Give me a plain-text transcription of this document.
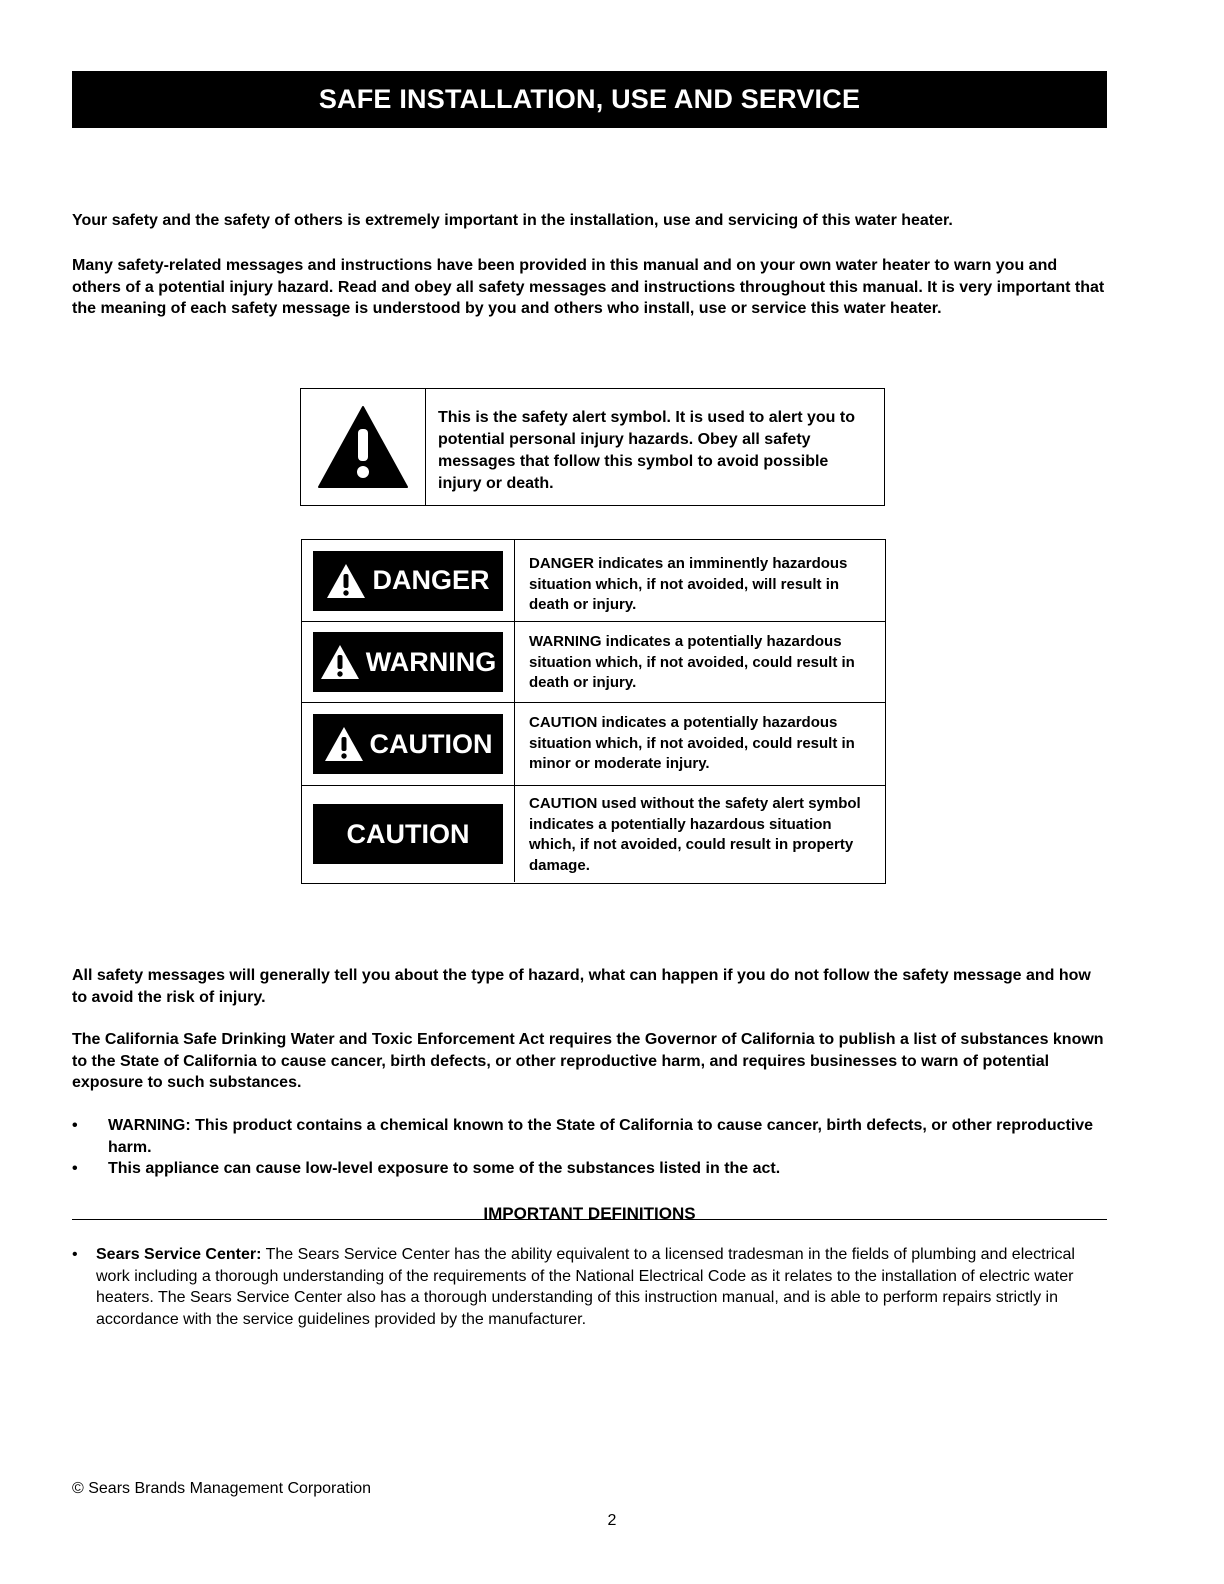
SAFE INSTALLATION, USE AND SERVICE

Your safety and the safety of others is extremely important in the installation, use and servicing of this water heater.

Many safety-related messages and instructions have been provided in this manual and on your own water heater to warn you and others of a potential injury hazard. Read and obey all safety messages and instructions throughout this manual. It is very important that the meaning of each safety message is understood by you and others who install, use or service this water heater.

This is the safety alert symbol. It is used to alert you to potential personal injury hazards. Obey all safety messages that follow this symbol to avoid possible injury or death.
DANGER
DANGER indicates an imminently hazardous situation which, if not avoided, will result in death or injury.
WARNING
WARNING indicates a potentially hazardous situation which, if not avoided, could result in death or injury.
CAUTION
CAUTION indicates a potentially hazardous situation which, if not avoided, could result in minor or moderate injury.
CAUTION
CAUTION used without the safety alert symbol indicates a potentially hazardous situation which, if not avoided, could result in property damage.

All safety messages will generally tell you about the type of hazard, what can happen if you do not follow the safety message and how to avoid the risk of injury.

The California Safe Drinking Water and Toxic Enforcement Act requires the Governor of California to publish a list of substances known to the State of California to cause cancer, birth defects, or other reproductive harm, and requires businesses to warn of potential exposure to such substances.

• WARNING: This product contains a chemical known to the State of California to cause cancer, birth defects, or other reproductive harm.
• This appliance can cause low-level exposure to some of the substances listed in the act.
IMPORTANT DEFINITIONS
• Sears Service Center: The Sears Service Center has the ability equivalent to a licensed tradesman in the fields of plumbing and electrical work including a thorough understanding of the requirements of the National Electrical Code as it relates to the installation of electric water heaters. The Sears Service Center also has a thorough understanding of this instruction manual, and is able to perform repairs strictly in accordance with the service guidelines provided by the manufacturer.
© Sears Brands Management Corporation
2
